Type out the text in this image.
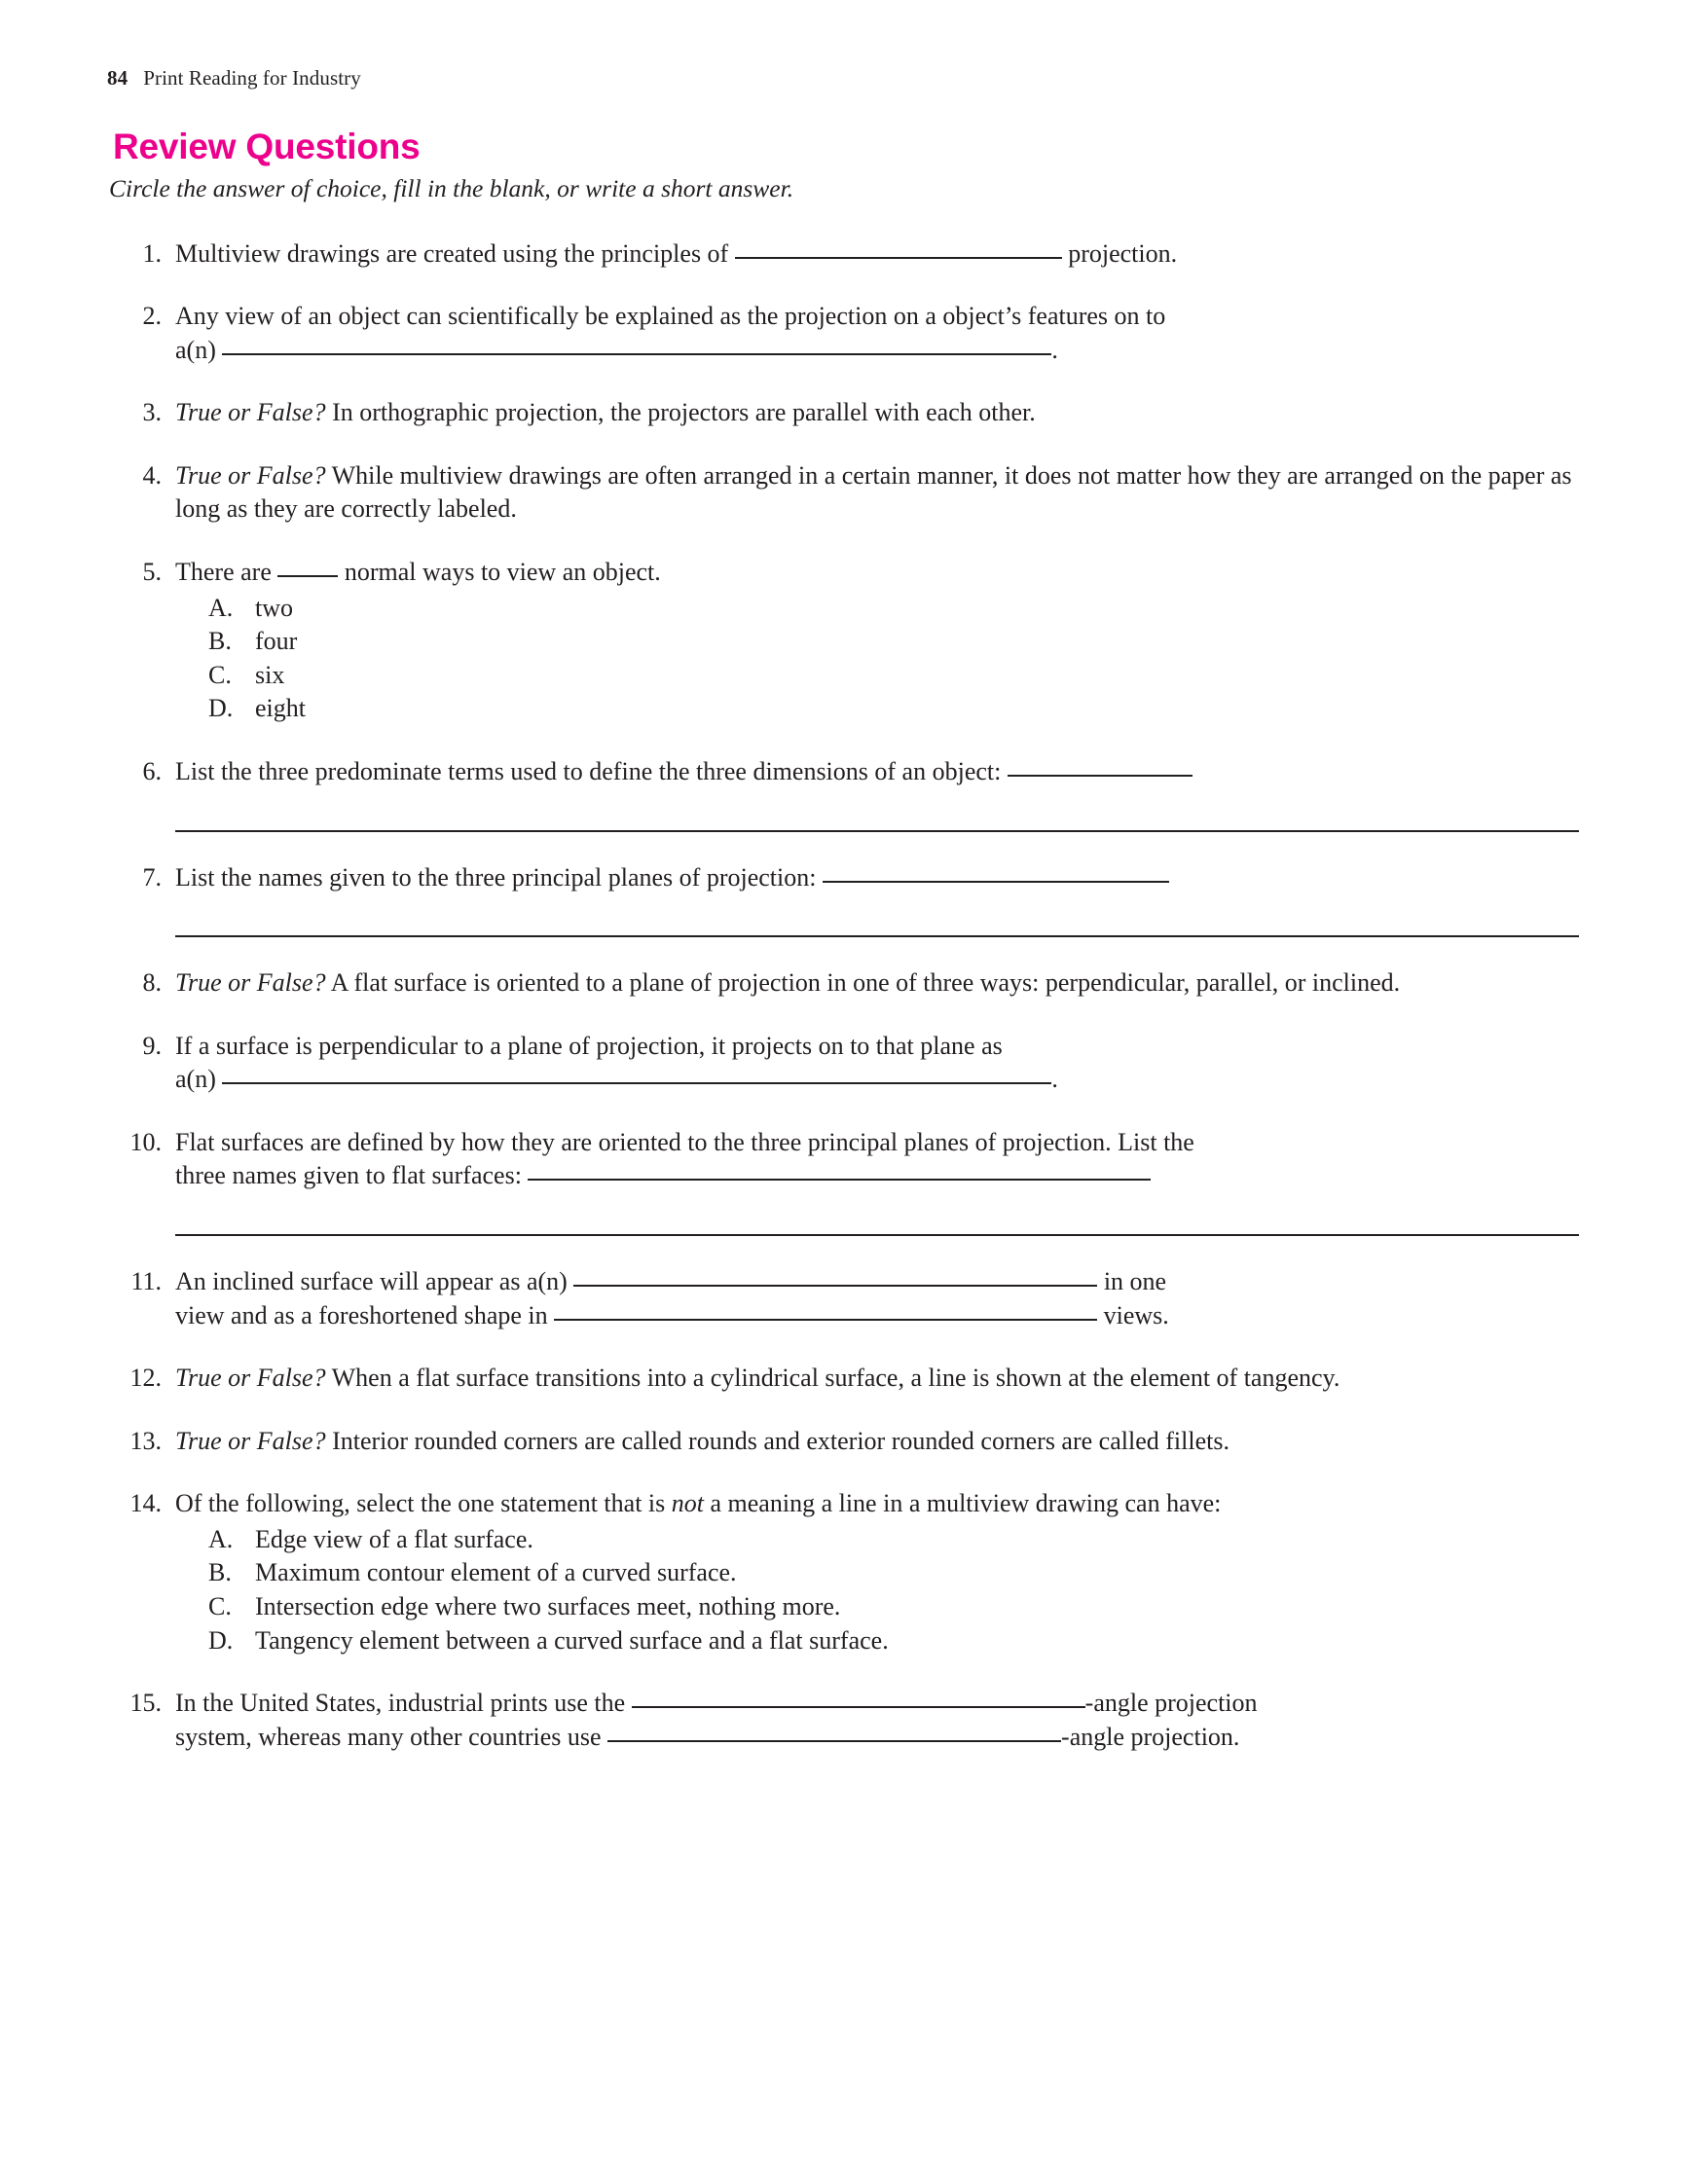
84 Print Reading for Industry
Review Questions

Circle the answer of choice, fill in the blank, or write a short answer.

1. Multiview drawings are created using the principles of	projection.
2. Any view of an object can scientifically be explained as the projection on a object’s features on to
a(n)	.
3. True or False? In orthographic projection, the projectors are parallel with each other.
4. True or False? While multiview drawings are often arranged in a certain manner, it does not matter how they are arranged on the paper as long as they are correctly labeled.
5. There are  normal ways to view an object.
A. two
B. four
C. six
D. eight
6. List the three predominate terms used to define the three dimensions of an object:
7. List the names given to the three principal planes of projection:
8. True or False? A flat surface is oriented to a plane of projection in one of three ways: perpendicular, parallel, or inclined.
9. If a surface is perpendicular to a plane of projection, it projects on to that plane as
a(n)	.
10. Flat surfaces are defined by how they are oriented to the three principal planes of projection. List the
three names given to flat surfaces:
11. An inclined surface will appear as a(n)	in one
view and as a foreshortened shape in	views.
12. True or False? When a flat surface transitions into a cylindrical surface, a line is shown at the element of tangency.
13. True or False? Interior rounded corners are called rounds and exterior rounded corners are called fillets.
14. Of the following, select the one statement that is not a meaning a line in a multiview drawing can have:
A. Edge view of a flat surface.
B. Maximum contour element of a curved surface.
C. Intersection edge where two surfaces meet, nothing more.
D. Tangency element between a curved surface and a flat surface.
15. In the United States, industrial prints use the	-angle projection
system, whereas many other countries use	-angle projection.
